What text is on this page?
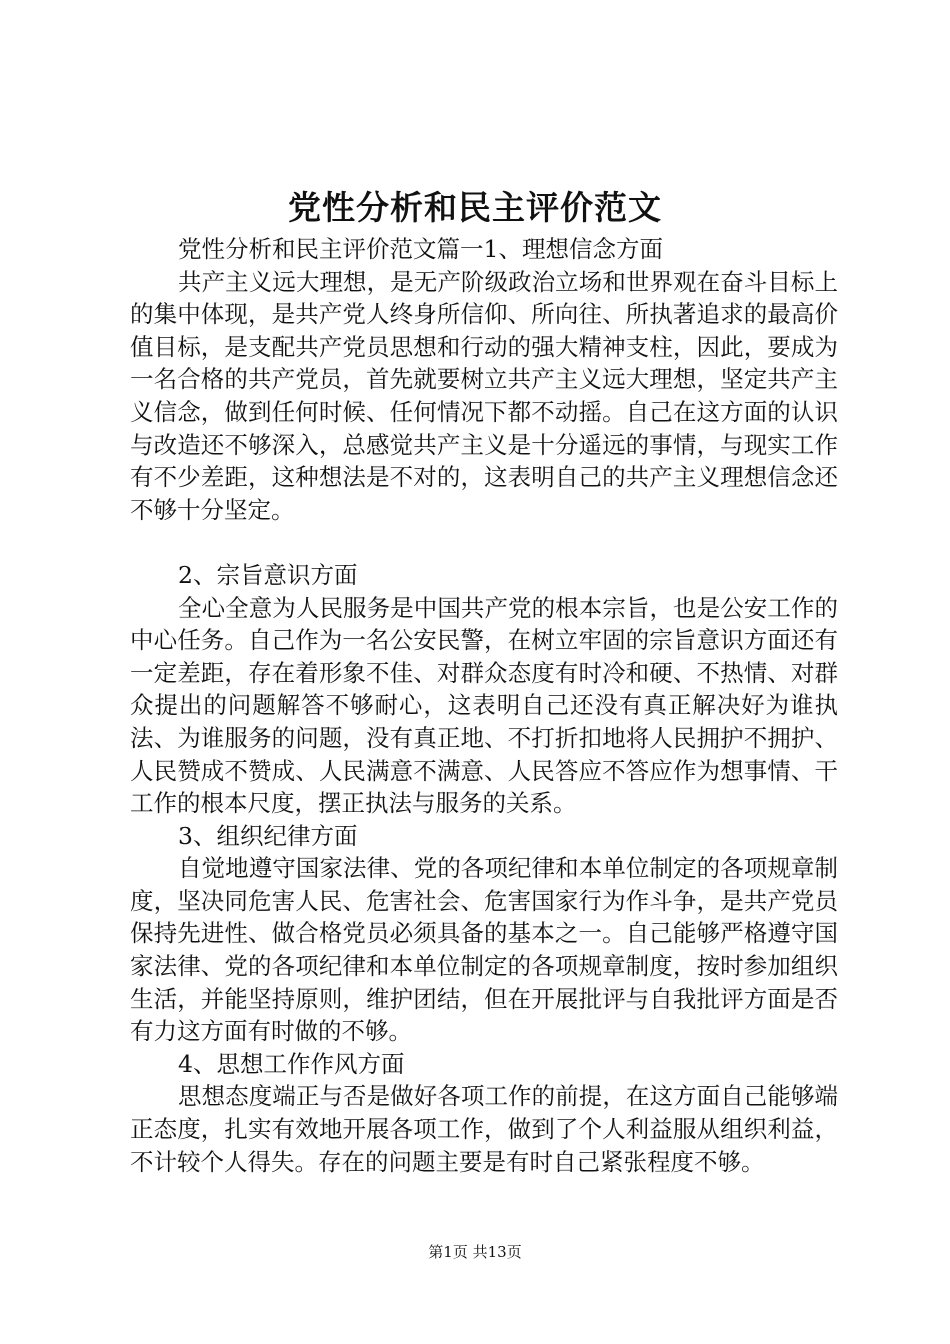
党性分析和民主评价范文

党性分析和民主评价范文篇一1、理想信念方面

共产主义远大理想，是无产阶级政治立场和世界观在奋斗目标上的集中体现，是共产党人终身所信仰、所向往、所执著追求的最高价值目标，是支配共产党员思想和行动的强大精神支柱，因此，要成为一名合格的共产党员，首先就要树立共产主义远大理想，坚定共产主义信念，做到任何时候、任何情况下都不动摇。自己在这方面的认识与改造还不够深入，总感觉共产主义是十分遥远的事情，与现实工作有不少差距，这种想法是不对的，这表明自己的共产主义理想信念还不够十分坚定。

2、宗旨意识方面

全心全意为人民服务是中国共产党的根本宗旨，也是公安工作的中心任务。自己作为一名公安民警，在树立牢固的宗旨意识方面还有一定差距，存在着形象不佳、对群众态度有时冷和硬、不热情、对群众提出的问题解答不够耐心，这表明自己还没有真正解决好为谁执法、为谁服务的问题，没有真正地、不打折扣地将人民拥护不拥护、人民赞成不赞成、人民满意不满意、人民答应不答应作为想事情、干工作的根本尺度，摆正执法与服务的关系。

3、组织纪律方面

自觉地遵守国家法律、党的各项纪律和本单位制定的各项规章制度，坚决同危害人民、危害社会、危害国家行为作斗争，是共产党员保持先进性、做合格党员必须具备的基本之一。自己能够严格遵守国家法律、党的各项纪律和本单位制定的各项规章制度，按时参加组织生活，并能坚持原则，维护团结，但在开展批评与自我批评方面是否有力这方面有时做的不够。

4、思想工作作风方面

思想态度端正与否是做好各项工作的前提，在这方面自己能够端正态度，扎实有效地开展各项工作，做到了个人利益服从组织利益，不计较个人得失。存在的问题主要是有时自己紧张程度不够。

第1页 共13页
